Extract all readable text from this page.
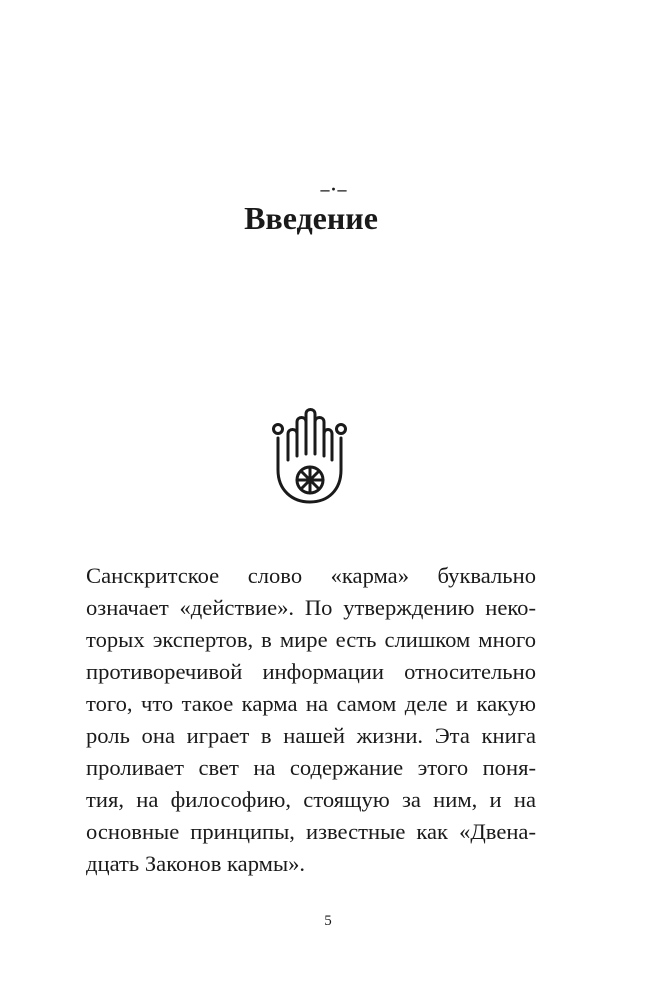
–·–
Введение
Санскритское слово «карма» буквально
означает «действие». По утверждению неко-
торых экспертов, в мире есть слишком много
противоречивой информации относительно
того, что такое карма на самом деле и какую
роль она играет в нашей жизни. Эта книга
проливает свет на содержание этого поня-
тия, на философию, стоящую за ним, и на
основные принципы, известные как «Двена-
дцать Законов кармы».
5
